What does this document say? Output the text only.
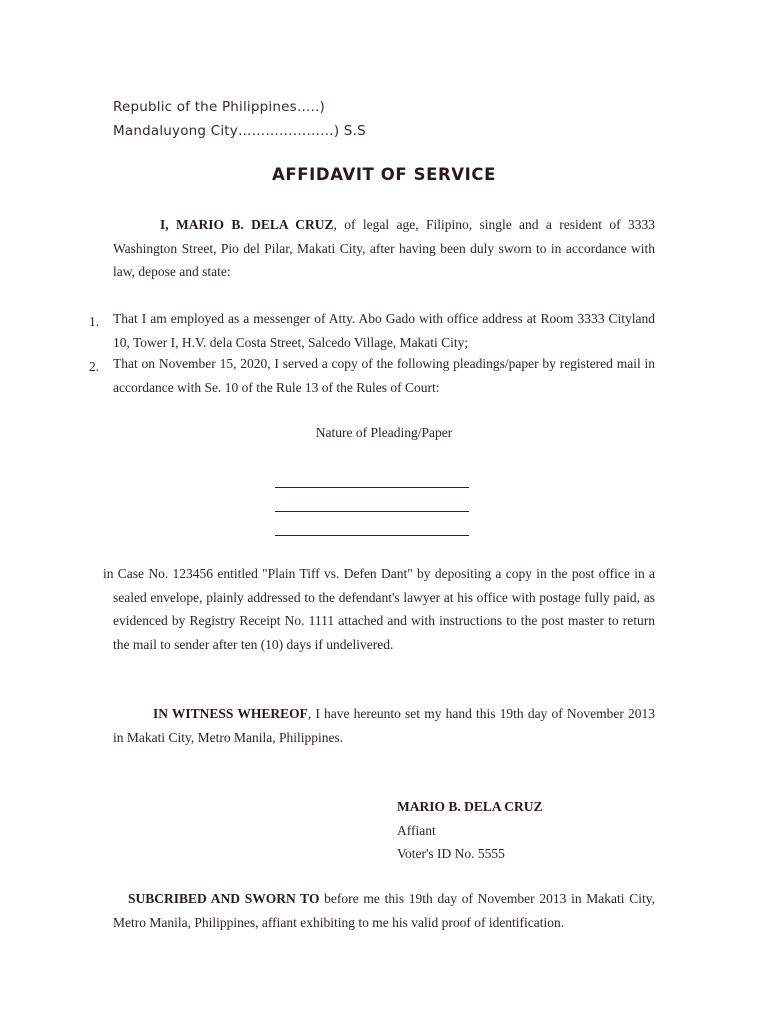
Republic of the Philippines…..)
Mandaluyong City…………………) S.S
AFFIDAVIT OF SERVICE
I, MARIO B. DELA CRUZ, of legal age, Filipino, single and a resident of 3333 Washington Street, Pio del Pilar, Makati City, after having been duly sworn to in accordance with law, depose and state:
1. That I am employed as a messenger of Atty. Abo Gado with office address at Room 3333 Cityland 10, Tower I, H.V. dela Costa Street, Salcedo Village, Makati City;
2. That on November 15, 2020, I served a copy of the following pleadings/paper by registered mail in accordance with Se. 10 of the Rule 13 of the Rules of Court:
Nature of Pleading/Paper
in Case No. 123456 entitled "Plain Tiff vs. Defen Dant" by depositing a copy in the post office in a sealed envelope, plainly addressed to the defendant's lawyer at his office with postage fully paid, as evidenced by Registry Receipt No. 1111 attached and with instructions to the post master to return the mail to sender after ten (10) days if undelivered.
IN WITNESS WHEREOF, I have hereunto set my hand this 19th day of November 2013 in Makati City, Metro Manila, Philippines.
MARIO B. DELA CRUZ
Affiant
Voter's ID No. 5555
SUBCRIBED AND SWORN TO before me this 19th day of November 2013 in Makati City, Metro Manila, Philippines, affiant exhibiting to me his valid proof of identification.
